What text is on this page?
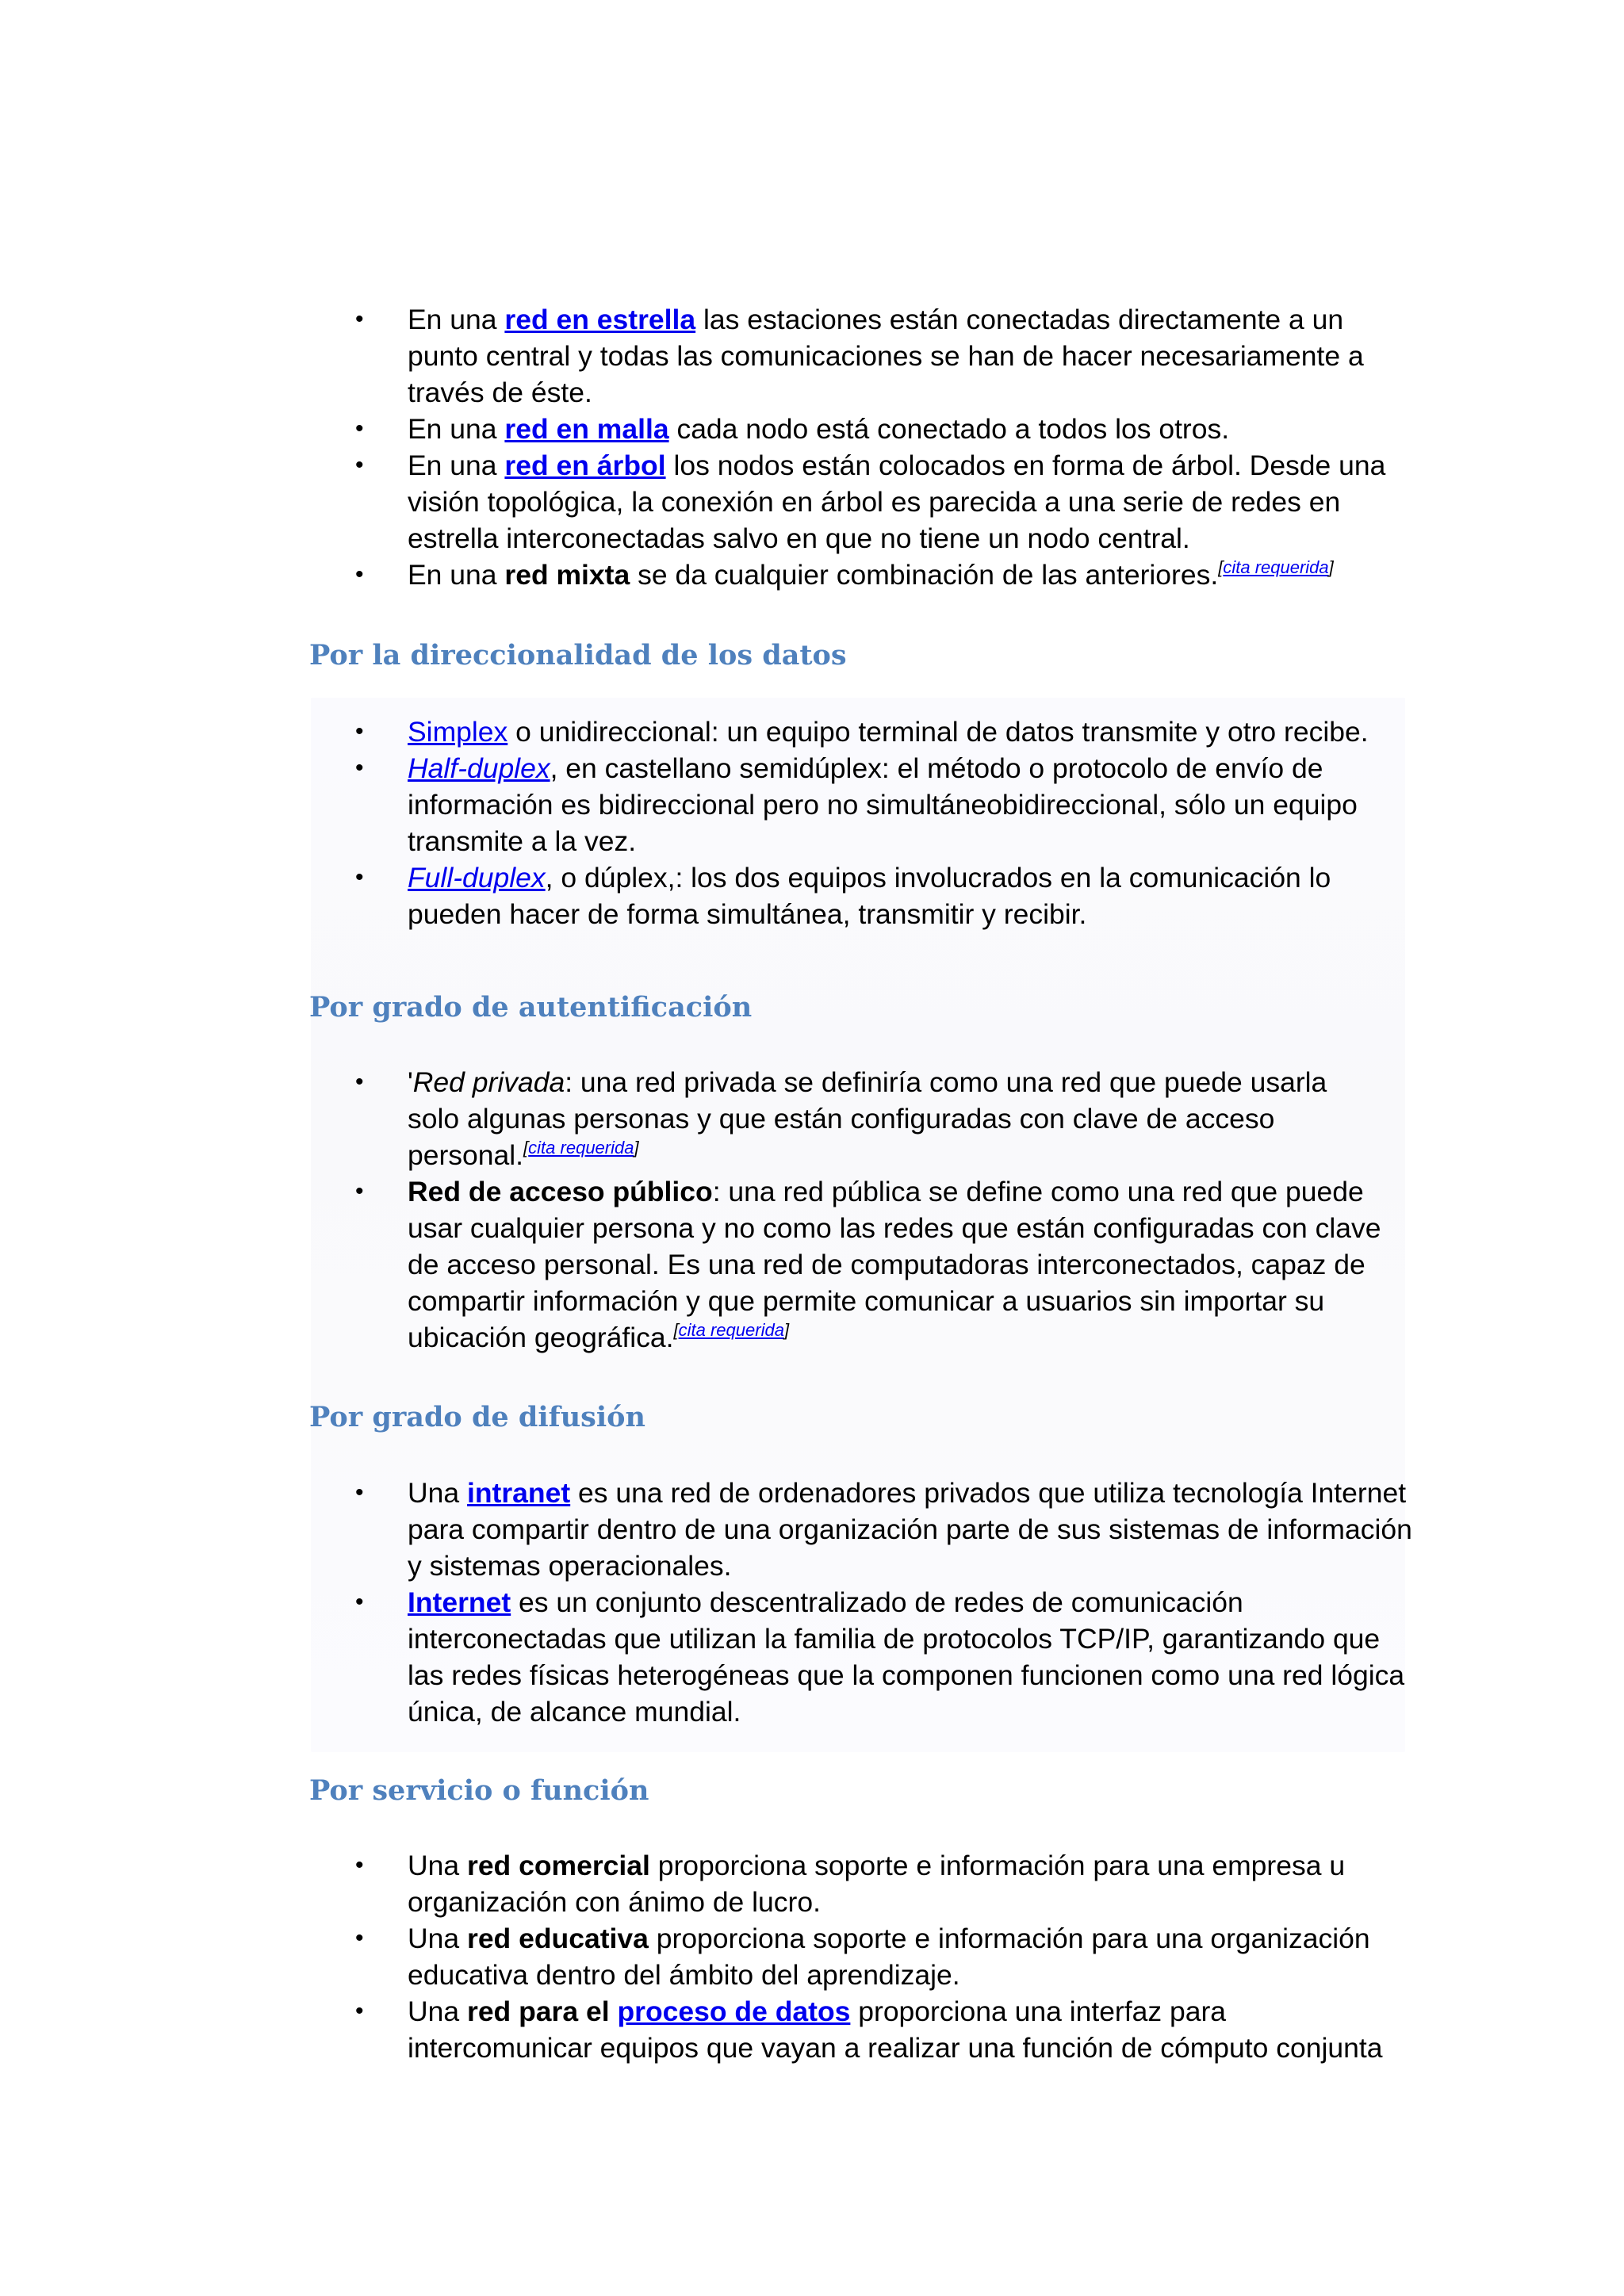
• En una red en estrella las estaciones están conectadas directamente a un punto central y todas las comunicaciones se han de hacer necesariamente a través de éste.
• En una red en malla cada nodo está conectado a todos los otros.
• En una red en árbol los nodos están colocados en forma de árbol. Desde una visión topológica, la conexión en árbol es parecida a una serie de redes en estrella interconectadas salvo en que no tiene un nodo central.
• En una red mixta se da cualquier combinación de las anteriores.[cita requerida]
Por la direccionalidad de los datos
• Simplex o unidireccional: un equipo terminal de datos transmite y otro recibe.
• Half-duplex, en castellano semidúplex: el método o protocolo de envío de información es bidireccional pero no simultáneobidireccional, sólo un equipo transmite a la vez.
• Full-duplex, o dúplex,: los dos equipos involucrados en la comunicación lo pueden hacer de forma simultánea, transmitir y recibir.
Por grado de autentificación
• 'Red privada: una red privada se definiría como una red que puede usarla solo algunas personas y que están configuradas con clave de acceso personal.[cita requerida]
• Red de acceso público: una red pública se define como una red que puede usar cualquier persona y no como las redes que están configuradas con clave de acceso personal. Es una red de computadoras interconectados, capaz de compartir información y que permite comunicar a usuarios sin importar su ubicación geográfica.[cita requerida]
Por grado de difusión
• Una intranet es una red de ordenadores privados que utiliza tecnología Internet para compartir dentro de una organización parte de sus sistemas de información y sistemas operacionales.
• Internet es un conjunto descentralizado de redes de comunicación interconectadas que utilizan la familia de protocolos TCP/IP, garantizando que las redes físicas heterogéneas que la componen funcionen como una red lógica única, de alcance mundial.
Por servicio o función
• Una red comercial proporciona soporte e información para una empresa u organización con ánimo de lucro.
• Una red educativa proporciona soporte e información para una organización educativa dentro del ámbito del aprendizaje.
• Una red para el proceso de datos proporciona una interfaz para intercomunicar equipos que vayan a realizar una función de cómputo conjunta
